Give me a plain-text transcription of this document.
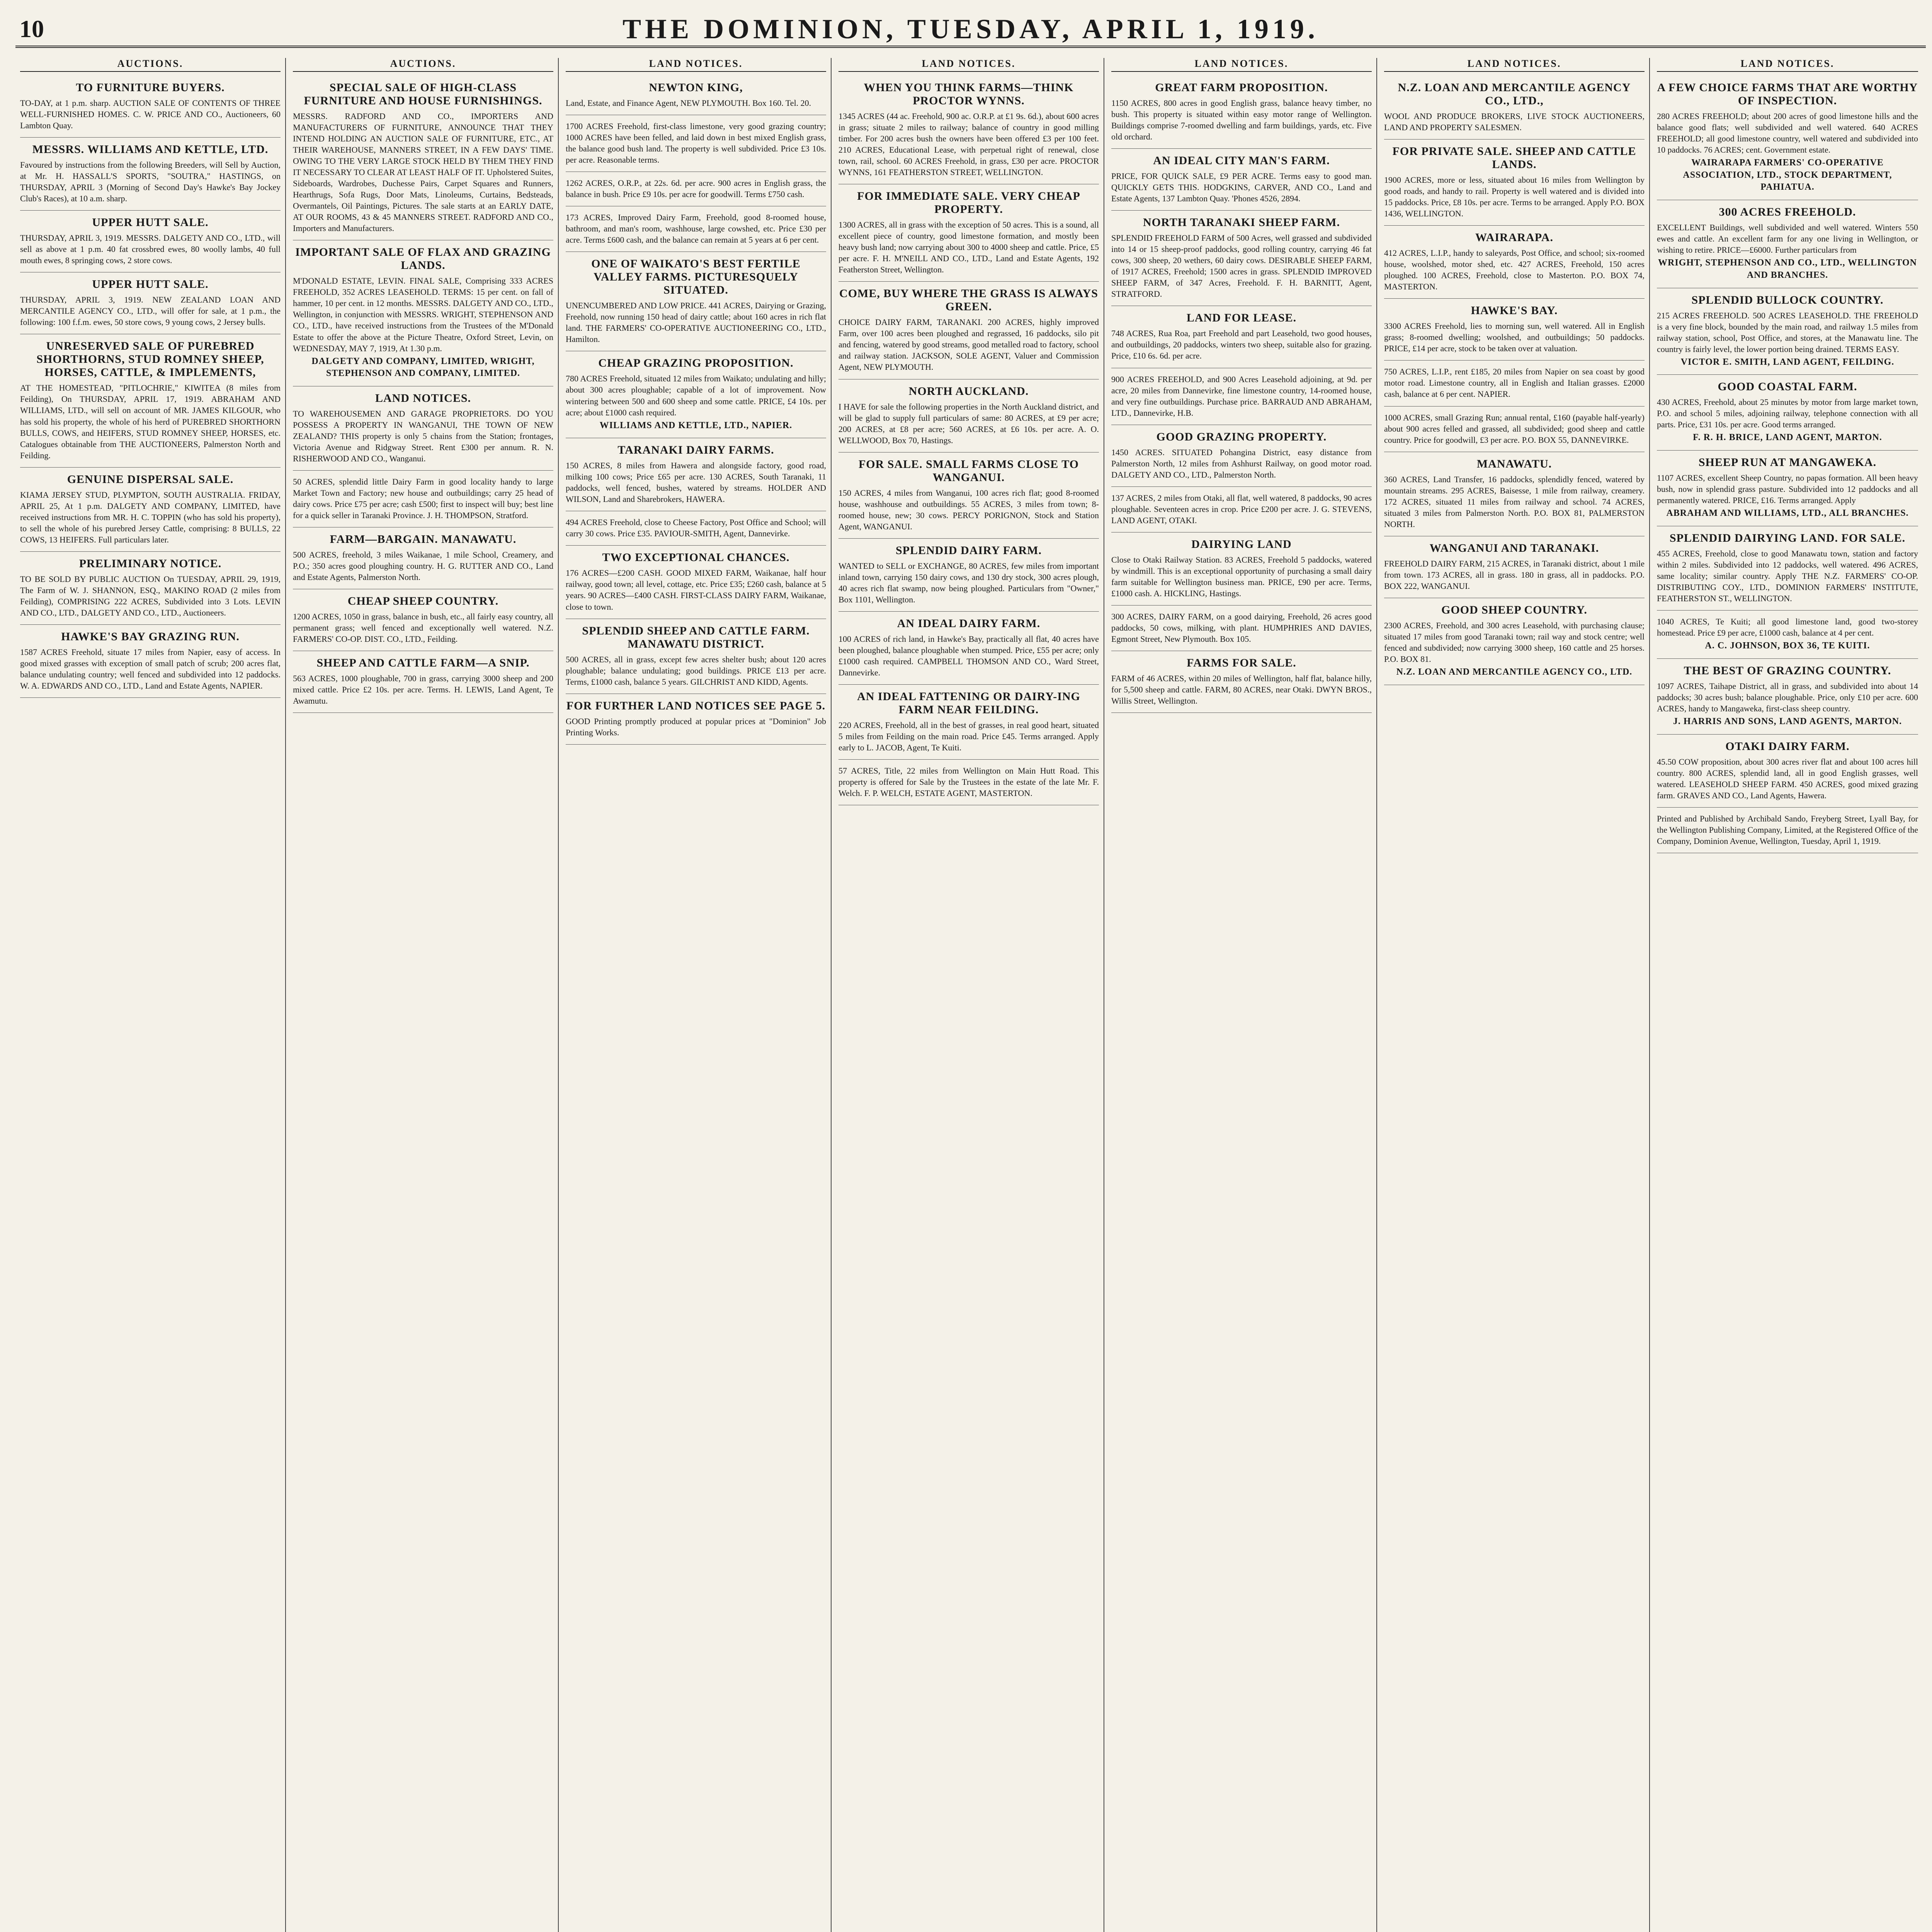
10	THE DOMINION, TUESDAY, APRIL 1, 1919.
AUCTIONS.
TO FURNITURE BUYERS.

TO-DAY, at 1 p.m. sharp. AUCTION SALE OF CONTENTS OF THREE WELL-FURNISHED HOMES. C. W. PRICE AND CO., Auctioneers, 60 Lambton Quay.

MESSRS. WILLIAMS AND KETTLE, LTD.

Favoured by instructions from the following Breeders, will Sell by Auction, at Mr. H. HASSALL'S SPORTS, "SOUTRA," HASTINGS, on THURSDAY, APRIL 3 (Morning of Second Day's Hawke's Bay Jockey Club's Races), at 10 a.m. sharp.

UPPER HUTT SALE.

THURSDAY, APRIL 3, 1919. MESSRS. DALGETY AND CO., LTD., will sell as above at 1 p.m. 40 fat crossbred ewes, 80 woolly lambs, 40 full mouth ewes, 8 springing cows, 2 store cows.

UPPER HUTT SALE.

THURSDAY, APRIL 3, 1919. NEW ZEALAND LOAN AND MERCANTILE AGENCY CO., LTD., will offer for sale, at 1 p.m., the following: 100 f.f.m. ewes, 50 store cows, 9 young cows, 2 Jersey bulls.

UNRESERVED SALE OF PUREBRED SHORTHORNS, STUD ROMNEY SHEEP, HORSES, CATTLE, & IMPLEMENTS,

AT THE HOMESTEAD, "PITLOCHRIE," KIWITEA (8 miles from Feilding), On THURSDAY, APRIL 17, 1919. ABRAHAM AND WILLIAMS, LTD., will sell on account of MR. JAMES KILGOUR, who has sold his property, the whole of his herd of PUREBRED SHORTHORN BULLS, COWS, and HEIFERS, STUD ROMNEY SHEEP, HORSES, etc. Catalogues obtainable from THE AUCTIONEERS, Palmerston North and Feilding.

GENUINE DISPERSAL SALE.

KIAMA JERSEY STUD, PLYMPTON, SOUTH AUSTRALIA. FRIDAY, APRIL 25, At 1 p.m. DALGETY AND COMPANY, LIMITED, have received instructions from MR. H. C. TOPPIN (who has sold his property), to sell the whole of his purebred Jersey Cattle, comprising: 8 BULLS, 22 COWS, 13 HEIFERS. Full particulars later.

PRELIMINARY NOTICE.

TO BE SOLD BY PUBLIC AUCTION On TUESDAY, APRIL 29, 1919, The Farm of W. J. SHANNON, ESQ., MAKINO ROAD (2 miles from Feilding), COMPRISING 222 ACRES, Subdivided into 3 Lots. LEVIN AND CO., LTD., DALGETY AND CO., LTD., Auctioneers.

HAWKE'S BAY GRAZING RUN.

1587 ACRES Freehold, situate 17 miles from Napier, easy of access. In good mixed grasses with exception of small patch of scrub; 200 acres flat, balance undulating country; well fenced and subdivided into 12 paddocks. W. A. EDWARDS AND CO., LTD., Land and Estate Agents, NAPIER.

AUCTIONS.
SPECIAL SALE OF HIGH-CLASS FURNITURE AND HOUSE FURNISHINGS.

MESSRS. RADFORD AND CO., IMPORTERS AND MANUFACTURERS OF FURNITURE, ANNOUNCE THAT THEY INTEND HOLDING AN AUCTION SALE OF FURNITURE, ETC., AT THEIR WAREHOUSE, MANNERS STREET, IN A FEW DAYS' TIME. OWING TO THE VERY LARGE STOCK HELD BY THEM THEY FIND IT NECESSARY TO CLEAR AT LEAST HALF OF IT. Upholstered Suites, Sideboards, Wardrobes, Duchesse Pairs, Carpet Squares and Runners, Hearthrugs, Sofa Rugs, Door Mats, Linoleums, Curtains, Bedsteads, Overmantels, Oil Paintings, Pictures. The sale starts at an EARLY DATE, AT OUR ROOMS, 43 & 45 MANNERS STREET. RADFORD AND CO., Importers and Manufacturers.

IMPORTANT SALE OF FLAX AND GRAZING LANDS.

M'DONALD ESTATE, LEVIN. FINAL SALE, Comprising 333 ACRES FREEHOLD, 352 ACRES LEASEHOLD. TERMS: 15 per cent. on fall of hammer, 10 per cent. in 12 months. MESSRS. DALGETY AND CO., LTD., Wellington, in conjunction with MESSRS. WRIGHT, STEPHENSON AND CO., LTD., have received instructions from the Trustees of the M'Donald Estate to offer the above at the Picture Theatre, Oxford Street, Levin, on WEDNESDAY, MAY 7, 1919, At 1.30 p.m.

DALGETY AND COMPANY, LIMITED, WRIGHT, STEPHENSON AND COMPANY, LIMITED.

LAND NOTICES.

TO WAREHOUSEMEN AND GARAGE PROPRIETORS. DO YOU POSSESS A PROPERTY IN WANGANUI, THE TOWN OF NEW ZEALAND? THIS property is only 5 chains from the Station; frontages, Victoria Avenue and Ridgway Street. Rent £300 per annum. R. N. RISHERWOOD AND CO., Wanganui.

50 ACRES, splendid little Dairy Farm in good locality handy to large Market Town and Factory; new house and outbuildings; carry 25 head of dairy cows. Price £75 per acre; cash £500; first to inspect will buy; best line for a quick seller in Taranaki Province. J. H. THOMPSON, Stratford.

FARM—BARGAIN. MANAWATU.

500 ACRES, freehold, 3 miles Waikanae, 1 mile School, Creamery, and P.O.; 350 acres good ploughing country. H. G. RUTTER AND CO., Land and Estate Agents, Palmerston North.

CHEAP SHEEP COUNTRY.

1200 ACRES, 1050 in grass, balance in bush, etc., all fairly easy country, all permanent grass; well fenced and exceptionally well watered. N.Z. FARMERS' CO-OP. DIST. CO., LTD., Feilding.

SHEEP AND CATTLE FARM—A SNIP.

563 ACRES, 1000 ploughable, 700 in grass, carrying 3000 sheep and 200 mixed cattle. Price £2 10s. per acre. Terms. H. LEWIS, Land Agent, Te Awamutu.

LAND NOTICES.
NEWTON KING,

Land, Estate, and Finance Agent, NEW PLYMOUTH. Box 160. Tel. 20.

1700 ACRES Freehold, first-class limestone, very good grazing country; 1000 ACRES have been felled, and laid down in best mixed English grass, the balance good bush land. The property is well subdivided. Price £3 10s. per acre. Reasonable terms.

1262 ACRES, O.R.P., at 22s. 6d. per acre. 900 acres in English grass, the balance in bush. Price £9 10s. per acre for goodwill. Terms £750 cash.

173 ACRES, Improved Dairy Farm, Freehold, good 8-roomed house, bathroom, and man's room, washhouse, large cowshed, etc. Price £30 per acre. Terms £600 cash, and the balance can remain at 5 years at 6 per cent.

ONE OF WAIKATO'S BEST FERTILE VALLEY FARMS. PICTURESQUELY SITUATED.

UNENCUMBERED AND LOW PRICE. 441 ACRES, Dairying or Grazing, Freehold, now running 150 head of dairy cattle; about 160 acres in rich flat land. THE FARMERS' CO-OPERATIVE AUCTIONEERING CO., LTD., Hamilton.

CHEAP GRAZING PROPOSITION.

780 ACRES Freehold, situated 12 miles from Waikato; undulating and hilly; about 300 acres ploughable; capable of a lot of improvement. Now wintering between 500 and 600 sheep and some cattle. PRICE, £4 10s. per acre; about £1000 cash required.

WILLIAMS AND KETTLE, LTD., NAPIER.

TARANAKI DAIRY FARMS.

150 ACRES, 8 miles from Hawera and alongside factory, good road, milking 100 cows; Price £65 per acre. 130 ACRES, South Taranaki, 11 paddocks, well fenced, bushes, watered by streams. HOLDER AND WILSON, Land and Sharebrokers, HAWERA.

494 ACRES Freehold, close to Cheese Factory, Post Office and School; will carry 30 cows. Price £35. PAVIOUR-SMITH, Agent, Dannevirke.

TWO EXCEPTIONAL CHANCES.

176 ACRES—£200 CASH. GOOD MIXED FARM, Waikanae, half hour railway, good town; all level, cottage, etc. Price £35; £260 cash, balance at 5 years. 90 ACRES—£400 CASH. FIRST-CLASS DAIRY FARM, Waikanae, close to town.

SPLENDID SHEEP AND CATTLE FARM. MANAWATU DISTRICT.

500 ACRES, all in grass, except few acres shelter bush; about 120 acres ploughable; balance undulating; good buildings. PRICE £13 per acre. Terms, £1000 cash, balance 5 years. GILCHRIST AND KIDD, Agents.

FOR FURTHER LAND NOTICES SEE PAGE 5.

GOOD Printing promptly produced at popular prices at "Dominion" Job Printing Works.

LAND NOTICES.
WHEN YOU THINK FARMS—THINK PROCTOR WYNNS.

1345 ACRES (44 ac. Freehold, 900 ac. O.R.P. at £1 9s. 6d.), about 600 acres in grass; situate 2 miles to railway; balance of country in good milling timber. For 200 acres bush the owners have been offered £3 per 100 feet. 210 ACRES, Educational Lease, with perpetual right of renewal, close town, rail, school. 60 ACRES Freehold, in grass, £30 per acre. PROCTOR WYNNS, 161 FEATHERSTON STREET, WELLINGTON.

FOR IMMEDIATE SALE. VERY CHEAP PROPERTY.

1300 ACRES, all in grass with the exception of 50 acres. This is a sound, all excellent piece of country, good limestone formation, and mostly been heavy bush land; now carrying about 300 to 4000 sheep and cattle. Price, £5 per acre. F. H. M'NEILL AND CO., LTD., Land and Estate Agents, 192 Featherston Street, Wellington.

COME, BUY WHERE THE GRASS IS ALWAYS GREEN.

CHOICE DAIRY FARM, TARANAKI. 200 ACRES, highly improved Farm, over 100 acres been ploughed and regrassed, 16 paddocks, silo pit and fencing, watered by good streams, good metalled road to factory, school and railway station. JACKSON, SOLE AGENT, Valuer and Commission Agent, NEW PLYMOUTH.

NORTH AUCKLAND.

I HAVE for sale the following properties in the North Auckland district, and will be glad to supply full particulars of same: 80 ACRES, at £9 per acre; 200 ACRES, at £8 per acre; 560 ACRES, at £6 10s. per acre. A. O. WELLWOOD, Box 70, Hastings.

FOR SALE. SMALL FARMS CLOSE TO WANGANUI.

150 ACRES, 4 miles from Wanganui, 100 acres rich flat; good 8-roomed house, washhouse and outbuildings. 55 ACRES, 3 miles from town; 8-roomed house, new; 30 cows. PERCY PORIGNON, Stock and Station Agent, WANGANUI.

SPLENDID DAIRY FARM.

WANTED to SELL or EXCHANGE, 80 ACRES, few miles from important inland town, carrying 150 dairy cows, and 130 dry stock, 300 acres plough, 40 acres rich flat swamp, now being ploughed. Particulars from "Owner," Box 1101, Wellington.

AN IDEAL DAIRY FARM.

100 ACRES of rich land, in Hawke's Bay, practically all flat, 40 acres have been ploughed, balance ploughable when stumped. Price, £55 per acre; only £1000 cash required. CAMPBELL THOMSON AND CO., Ward Street, Dannevirke.

AN IDEAL FATTENING OR DAIRY-ING FARM NEAR FEILDING.

220 ACRES, Freehold, all in the best of grasses, in real good heart, situated 5 miles from Feilding on the main road. Price £45. Terms arranged. Apply early to L. JACOB, Agent, Te Kuiti.

57 ACRES, Title, 22 miles from Wellington on Main Hutt Road. This property is offered for Sale by the Trustees in the estate of the late Mr. F. Welch. F. P. WELCH, ESTATE AGENT, MASTERTON.

LAND NOTICES.
GREAT FARM PROPOSITION.

1150 ACRES, 800 acres in good English grass, balance heavy timber, no bush. This property is situated within easy motor range of Wellington. Buildings comprise 7-roomed dwelling and farm buildings, yards, etc. Five old orchard.

AN IDEAL CITY MAN'S FARM.

PRICE, FOR QUICK SALE, £9 PER ACRE. Terms easy to good man. QUICKLY GETS THIS. HODGKINS, CARVER, AND CO., Land and Estate Agents, 137 Lambton Quay. 'Phones 4526, 2894.

NORTH TARANAKI SHEEP FARM.

SPLENDID FREEHOLD FARM of 500 Acres, well grassed and subdivided into 14 or 15 sheep-proof paddocks, good rolling country, carrying 46 fat cows, 300 sheep, 20 wethers, 60 dairy cows. DESIRABLE SHEEP FARM, of 1917 ACRES, Freehold; 1500 acres in grass. SPLENDID IMPROVED SHEEP FARM, of 347 Acres, Freehold. F. H. BARNITT, Agent, STRATFORD.

LAND FOR LEASE.

748 ACRES, Rua Roa, part Freehold and part Leasehold, two good houses, and outbuildings, 20 paddocks, winters two sheep, suitable also for grazing. Price, £10 6s. 6d. per acre.

900 ACRES FREEHOLD, and 900 Acres Leasehold adjoining, at 9d. per acre, 20 miles from Dannevirke, fine limestone country, 14-roomed house, and very fine outbuildings. Purchase price. BARRAUD AND ABRAHAM, LTD., Dannevirke, H.B.

GOOD GRAZING PROPERTY.

1450 ACRES. SITUATED Pohangina District, easy distance from Palmerston North, 12 miles from Ashhurst Railway, on good motor road. DALGETY AND CO., LTD., Palmerston North.

137 ACRES, 2 miles from Otaki, all flat, well watered, 8 paddocks, 90 acres ploughable. Seventeen acres in crop. Price £200 per acre. J. G. STEVENS, LAND AGENT, OTAKI.

DAIRYING LAND

Close to Otaki Railway Station. 83 ACRES, Freehold 5 paddocks, watered by windmill. This is an exceptional opportunity of purchasing a small dairy farm suitable for Wellington business man. PRICE, £90 per acre. Terms, £1000 cash. A. HICKLING, Hastings.

300 ACRES, DAIRY FARM, on a good dairying, Freehold, 26 acres good paddocks, 50 cows, milking, with plant. HUMPHRIES AND DAVIES, Egmont Street, New Plymouth. Box 105.

FARMS FOR SALE.

FARM of 46 ACRES, within 20 miles of Wellington, half flat, balance hilly, for 5,500 sheep and cattle. FARM, 80 ACRES, near Otaki. DWYN BROS., Willis Street, Wellington.

LAND NOTICES.
N.Z. LOAN AND MERCANTILE AGENCY CO., LTD.,

WOOL AND PRODUCE BROKERS, LIVE STOCK AUCTIONEERS, LAND AND PROPERTY SALESMEN.

FOR PRIVATE SALE. SHEEP AND CATTLE LANDS.

1900 ACRES, more or less, situated about 16 miles from Wellington by good roads, and handy to rail. Property is well watered and is divided into 15 paddocks. Price, £8 10s. per acre. Terms to be arranged. Apply P.O. BOX 1436, WELLINGTON.

WAIRARAPA.

412 ACRES, L.I.P., handy to saleyards, Post Office, and school; six-roomed house, woolshed, motor shed, etc. 427 ACRES, Freehold, 150 acres ploughed. 100 ACRES, Freehold, close to Masterton. P.O. BOX 74, MASTERTON.

HAWKE'S BAY.

3300 ACRES Freehold, lies to morning sun, well watered. All in English grass; 8-roomed dwelling; woolshed, and outbuildings; 50 paddocks. PRICE, £14 per acre, stock to be taken over at valuation.

750 ACRES, L.I.P., rent £185, 20 miles from Napier on sea coast by good motor road. Limestone country, all in English and Italian grasses. £2000 cash, balance at 6 per cent. NAPIER.

1000 ACRES, small Grazing Run; annual rental, £160 (payable half-yearly) about 900 acres felled and grassed, all subdivided; good sheep and cattle country. Price for goodwill, £3 per acre. P.O. BOX 55, DANNEVIRKE.

MANAWATU.

360 ACRES, Land Transfer, 16 paddocks, splendidly fenced, watered by mountain streams. 295 ACRES, Baisesse, 1 mile from railway, creamery. 172 ACRES, situated 11 miles from railway and school. 74 ACRES, situated 3 miles from Palmerston North. P.O. BOX 81, PALMERSTON NORTH.

WANGANUI AND TARANAKI.

FREEHOLD DAIRY FARM, 215 ACRES, in Taranaki district, about 1 mile from town. 173 ACRES, all in grass. 180 in grass, all in paddocks. P.O. BOX 222, WANGANUI.

GOOD SHEEP COUNTRY.

2300 ACRES, Freehold, and 300 acres Leasehold, with purchasing clause; situated 17 miles from good Taranaki town; rail way and stock centre; well fenced and subdivided; now carrying 3000 sheep, 160 cattle and 25 horses. P.O. BOX 81.

N.Z. LOAN AND MERCANTILE AGENCY CO., LTD.

LAND NOTICES.
A FEW CHOICE FARMS THAT ARE WORTHY OF INSPECTION.

280 ACRES FREEHOLD; about 200 acres of good limestone hills and the balance good flats; well subdivided and well watered. 640 ACRES FREEHOLD; all good limestone country, well watered and subdivided into 10 paddocks. 76 ACRES; cent. Government estate.

WAIRARAPA FARMERS' CO-OPERATIVE ASSOCIATION, LTD., STOCK DEPARTMENT, PAHIATUA.

300 ACRES FREEHOLD.

EXCELLENT Buildings, well subdivided and well watered. Winters 550 ewes and cattle. An excellent farm for any one living in Wellington, or wishing to retire. PRICE—£6000. Further particulars from

WRIGHT, STEPHENSON AND CO., LTD., WELLINGTON AND BRANCHES.

SPLENDID BULLOCK COUNTRY.

215 ACRES FREEHOLD. 500 ACRES LEASEHOLD. THE FREEHOLD is a very fine block, bounded by the main road, and railway 1.5 miles from railway station, school, Post Office, and stores, at the Manawatu line. The country is fairly level, the lower portion being drained. TERMS EASY.

VICTOR E. SMITH, LAND AGENT, FEILDING.

GOOD COASTAL FARM.

430 ACRES, Freehold, about 25 minutes by motor from large market town, P.O. and school 5 miles, adjoining railway, telephone connection with all parts. Price, £31 10s. per acre. Good terms arranged.

F. R. H. BRICE, LAND AGENT, MARTON.

SHEEP RUN AT MANGAWEKA.

1107 ACRES, excellent Sheep Country, no papas formation. All been heavy bush, now in splendid grass pasture. Subdivided into 12 paddocks and all permanently watered. PRICE, £16. Terms arranged. Apply

ABRAHAM AND WILLIAMS, LTD., ALL BRANCHES.

SPLENDID DAIRYING LAND. FOR SALE.

455 ACRES, Freehold, close to good Manawatu town, station and factory within 2 miles. Subdivided into 12 paddocks, well watered. 496 ACRES, same locality; similar country. Apply THE N.Z. FARMERS' CO-OP. DISTRIBUTING COY., LTD., DOMINION FARMERS' INSTITUTE, FEATHERSTON ST., WELLINGTON.

1040 ACRES, Te Kuiti; all good limestone land, good two-storey homestead. Price £9 per acre, £1000 cash, balance at 4 per cent.

A. C. JOHNSON, BOX 36, TE KUITI.

THE BEST OF GRAZING COUNTRY.

1097 ACRES, Taihape District, all in grass, and subdivided into about 14 paddocks; 30 acres bush; balance ploughable. Price, only £10 per acre. 600 ACRES, handy to Mangaweka, first-class sheep country.

J. HARRIS AND SONS, LAND AGENTS, MARTON.

OTAKI DAIRY FARM.

45.50 COW proposition, about 300 acres river flat and about 100 acres hill country. 800 ACRES, splendid land, all in good English grasses, well watered. LEASEHOLD SHEEP FARM. 450 ACRES, good mixed grazing farm. GRAVES AND CO., Land Agents, Hawera.

Printed and Published by Archibald Sando, Freyberg Street, Lyall Bay, for the Wellington Publishing Company, Limited, at the Registered Office of the Company, Dominion Avenue, Wellington, Tuesday, April 1, 1919.
